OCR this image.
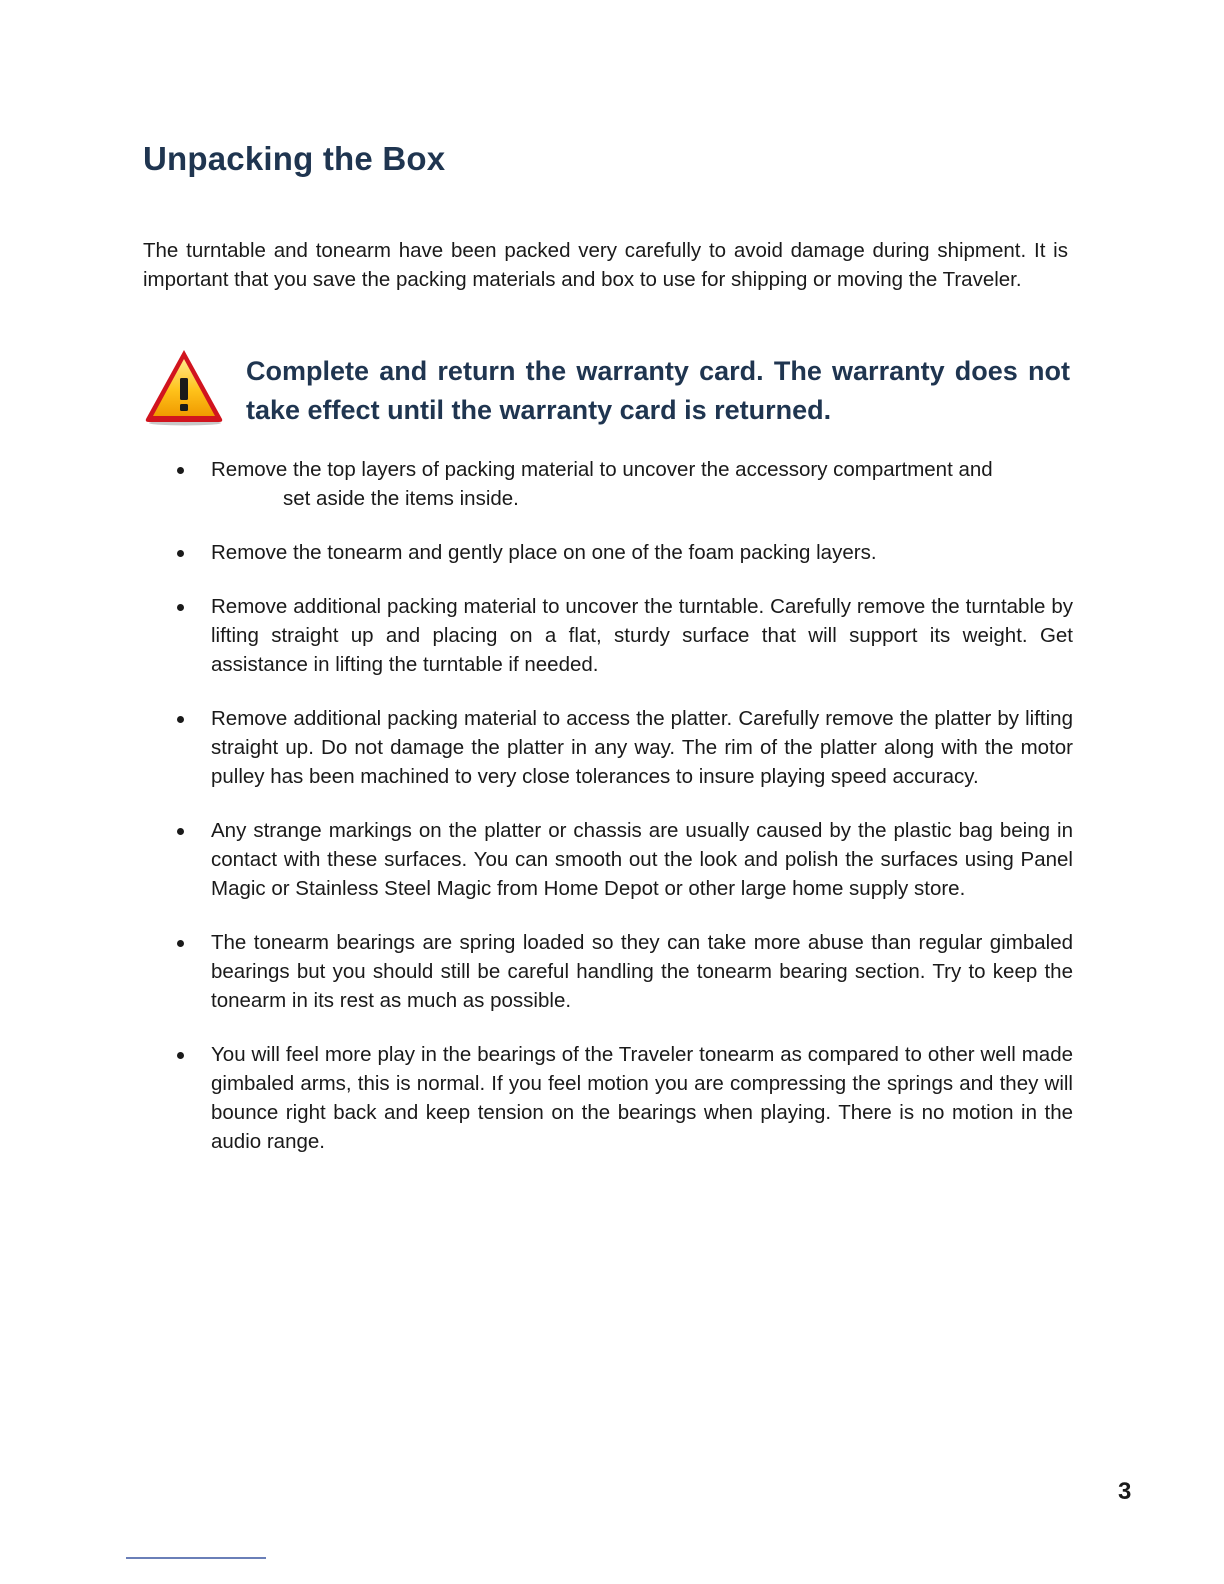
Unpacking the Box

The turntable and tonearm have been packed very carefully to avoid damage during shipment. It is important that you save the packing materials and box to use for shipping or moving the Traveler.

Complete and return the warranty card. The warranty does not take effect until the warranty card is returned.

Remove the top layers of packing material to uncover the accessory compartment and
set aside the items inside.
Remove the tonearm and gently place on one of the foam packing layers.
Remove additional packing material to uncover the turntable. Carefully remove the turntable by lifting straight up and placing on a flat, sturdy surface that will support its weight. Get assistance in lifting the turntable if needed.
Remove additional packing material to access the platter. Carefully remove the platter by lifting straight up. Do not damage the platter in any way. The rim of the platter along with the motor pulley has been machined to very close tolerances to insure playing speed accuracy.
Any strange markings on the platter or chassis are usually caused by the plastic bag being in contact with these surfaces. You can smooth out the look and polish the surfaces using Panel Magic or Stainless Steel Magic from Home Depot or other large home supply store.
The tonearm bearings are spring loaded so they can take more abuse than regular gimbaled bearings but you should still be careful handling the tonearm bearing section. Try to keep the tonearm in its rest as much as possible.
You will feel more play in the bearings of the Traveler tonearm as compared to other well made gimbaled arms, this is normal. If you feel motion you are compressing the springs and they will bounce right back and keep tension on the bearings when playing. There is no motion in the audio range.
3
